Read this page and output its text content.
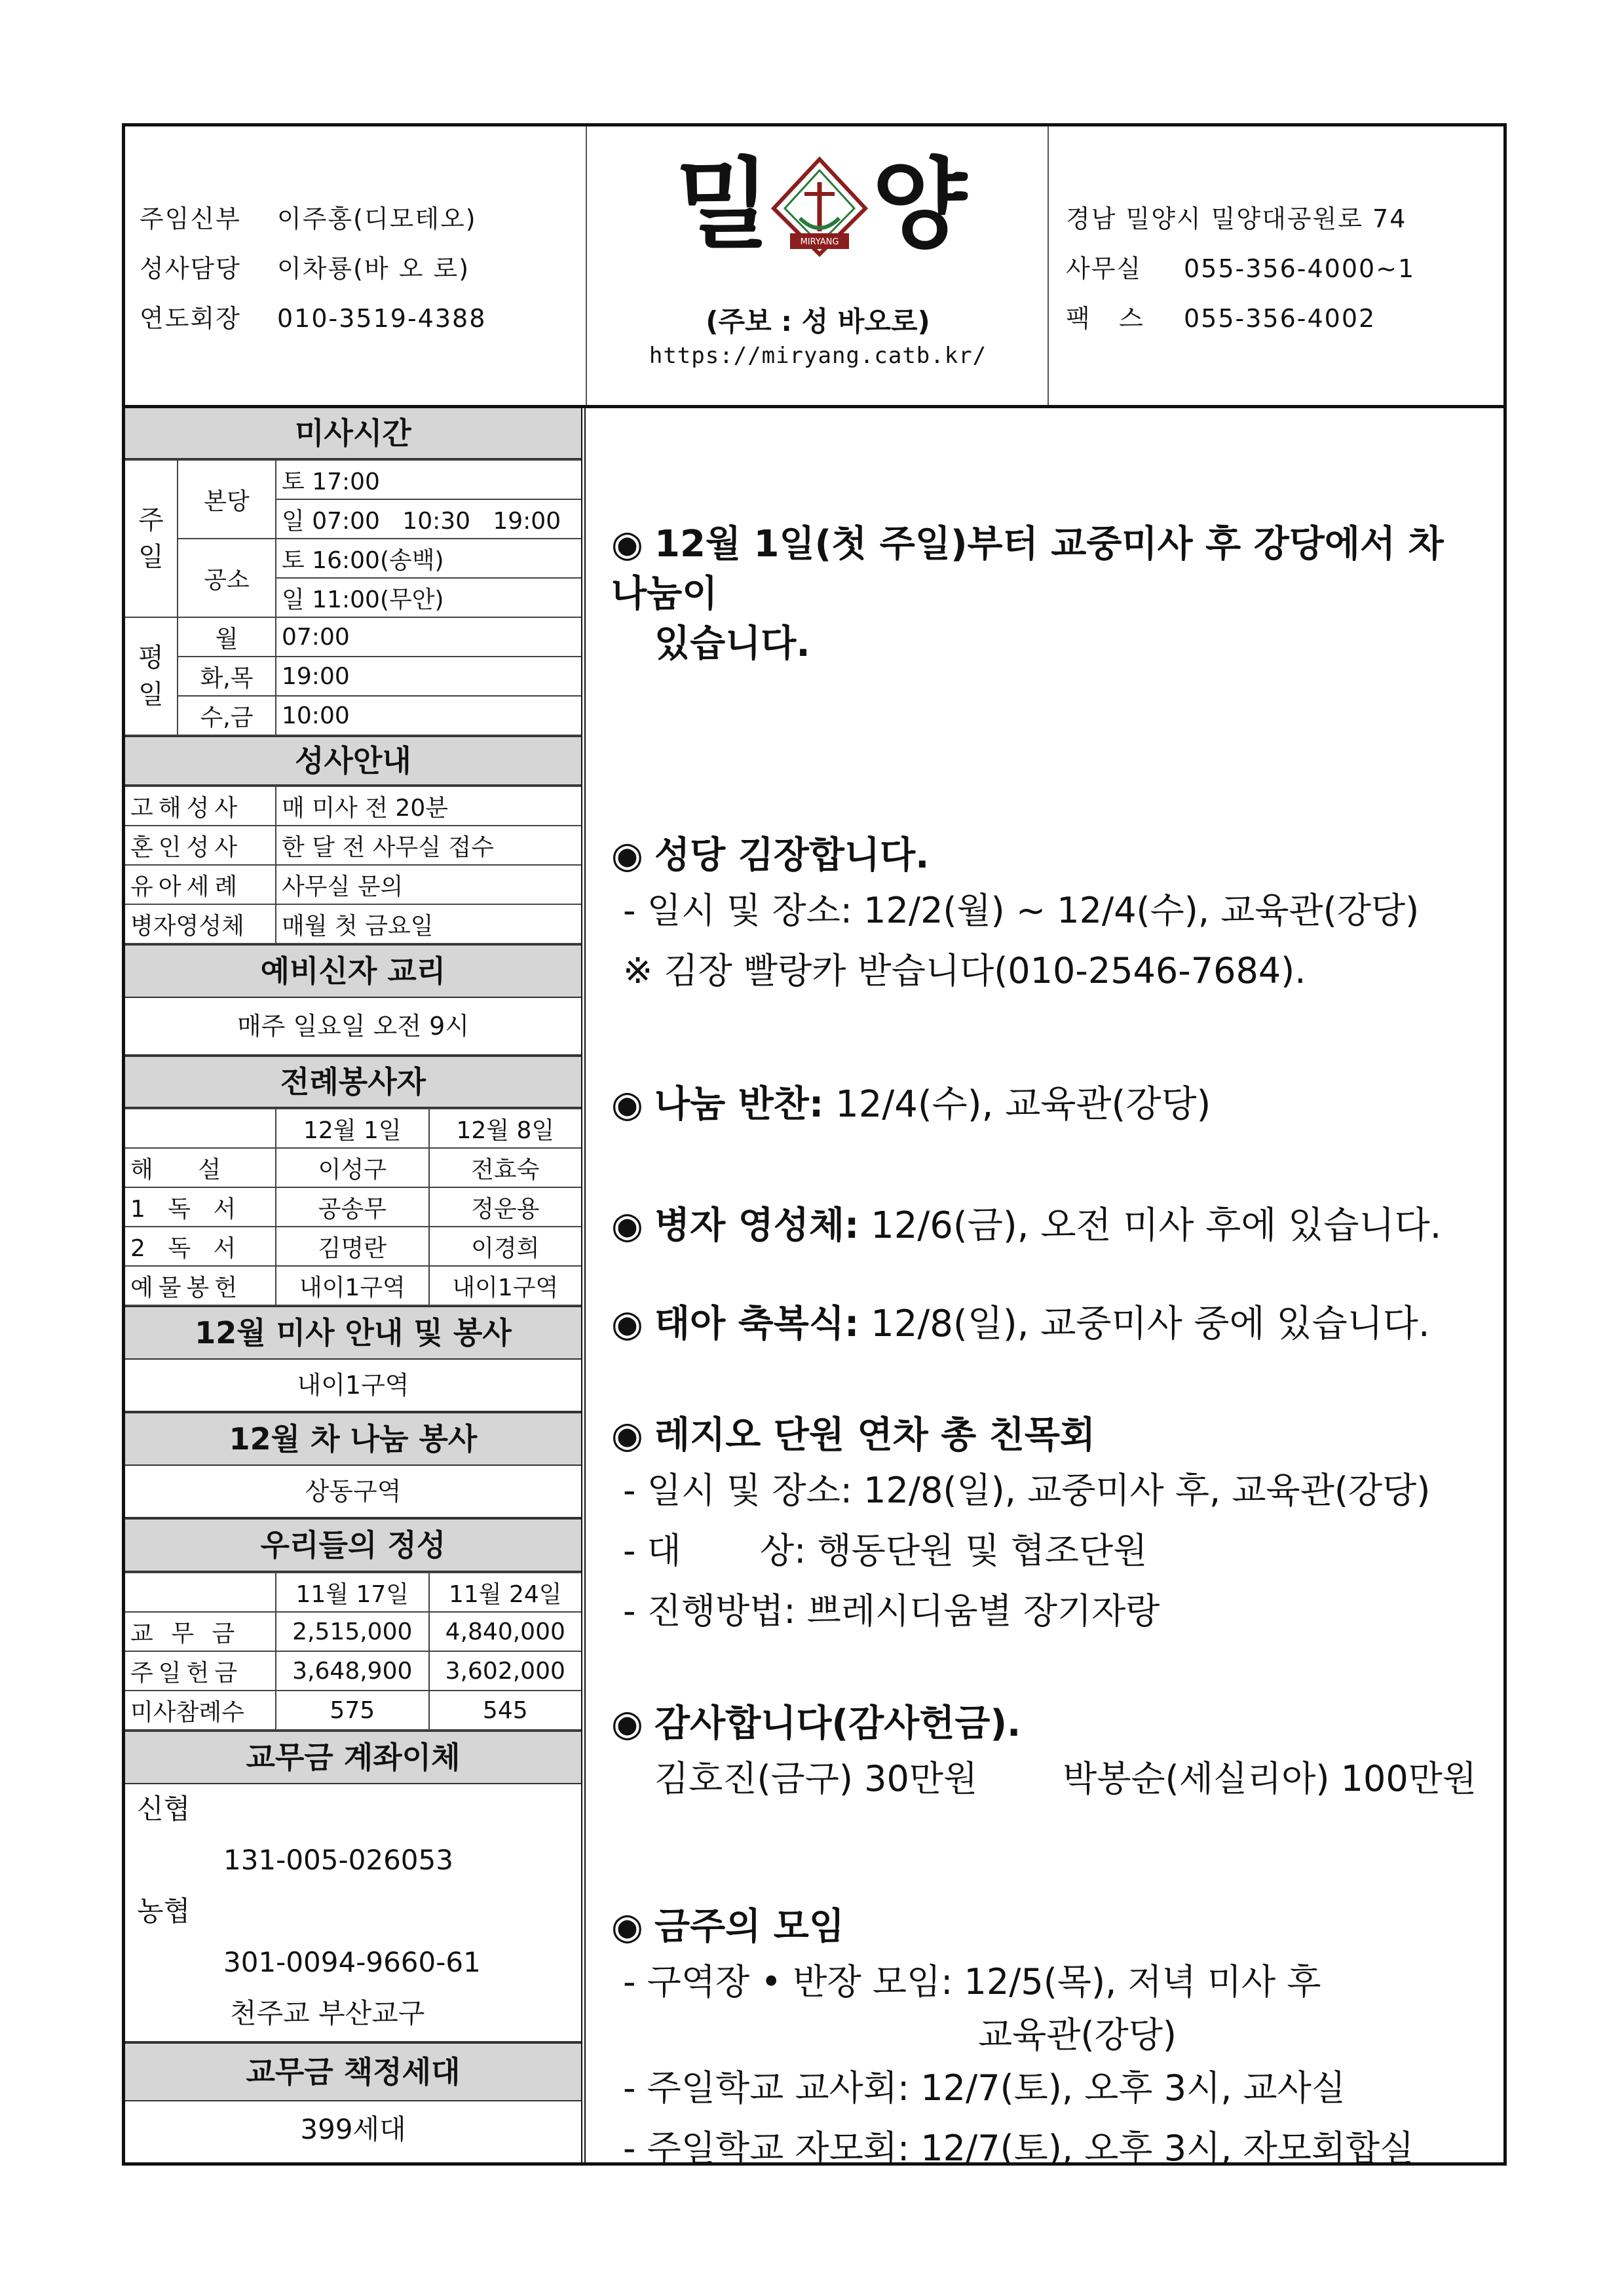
주임신부 이주홍(디모테오)
성사담당 이차룡(바 오 로)
연도회장 010-3519-4388
밀	MIRYANG 양
(주보 : 성 바오로)
https://miryang.catb.kr/
경남 밀양시 밀양대공원로 74
사무실 055-356-4000~1
팩   스 055-356-4002
미사시간
주일	본당	토 17:00
		일 07:00   10:30   19:00
	공소	토 16:00(송백)
		일 11:00(무안)
평일	월	07:00
	화,목	19:00
	수,금	10:00
성사안내
고해성사	매 미사 전 20분
혼인성사	한 달 전 사무실 접수
유아세례	사무실 문의
병자영성체	매월 첫 금요일
예비신자 교리
매주 일요일 오전 9시
전례봉사자
	12월 1일	12월 8일
해      설	이성구	전효숙
1   독   서	공송무	정운용
2   독   서	김명란	이경희
예물봉헌	내이1구역	내이1구역
12월 미사 안내 및 봉사
내이1구역
12월 차 나눔 봉사
상동구역
우리들의 정성
	11월 17일	11월 24일
교 무 금	2,515,000	4,840,000
주일헌금	3,648,900	3,602,000
미사참례수	575	545
교무금 계좌이체
신협
131-005-026053
농협
301-0094-9660-61
천주교 부산교구
교무금 책정세대
399세대
◉ 12월 1일(첫 주일)부터 교중미사 후 강당에서 차 나눔이
있습니다.
◉ 성당 김장합니다.
- 일시 및 장소: 12/2(월) ~ 12/4(수), 교육관(강당)
※ 김장 빨랑카 받습니다(010-2546-7684).
◉ 나눔 반찬: 12/4(수), 교육관(강당)
◉ 병자 영성체: 12/6(금), 오전 미사 후에 있습니다.
◉ 태아 축복식: 12/8(일), 교중미사 중에 있습니다.
◉ 레지오 단원 연차 총 친목회
- 일시 및 장소: 12/8(일), 교중미사 후, 교육관(강당)
- 대       상: 행동단원 및 협조단원
- 진행방법: 쁘레시디움별 장기자랑
◉ 감사합니다(감사헌금).
김호진(금구) 30만원 박봉순(세실리아) 100만원
◉ 금주의 모임
- 구역장 • 반장 모임: 12/5(목), 저녁 미사 후
교육관(강당)
- 주일학교 교사회: 12/7(토), 오후 3시, 교사실
- 주일학교 자모회: 12/7(토), 오후 3시, 자모회합실
